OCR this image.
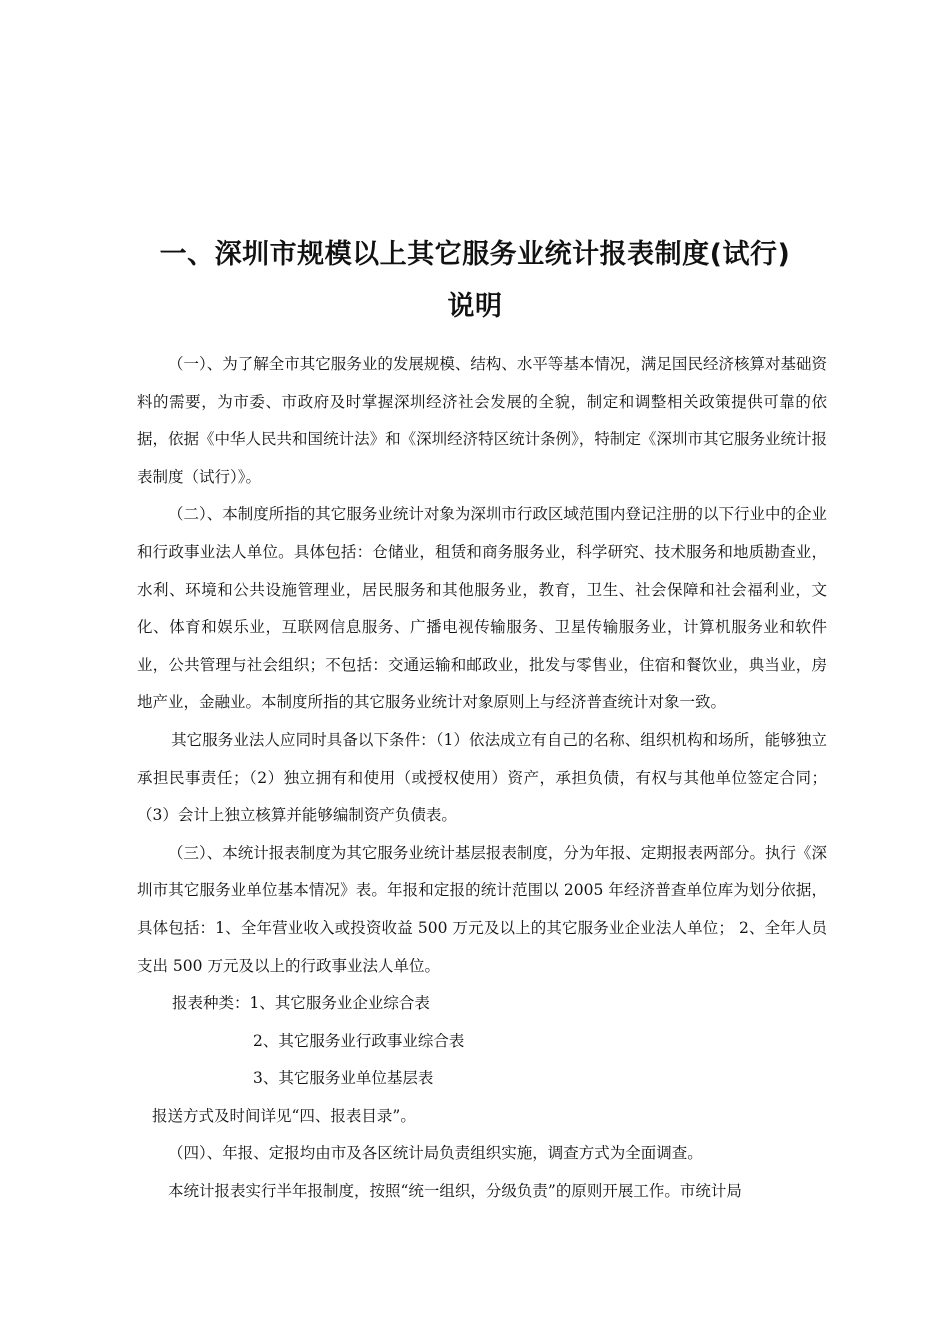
一、深圳市规模以上其它服务业统计报表制度(试行)
说明

（一）、为了解全市其它服务业的发展规模、结构、水平等基本情况，满足国民经济核算对基础资料的需要，为市委、市政府及时掌握深圳经济社会发展的全貌，制定和调整相关政策提供可靠的依据，依据《中华人民共和国统计法》和《深圳经济特区统计条例》，特制定《深圳市其它服务业统计报表制度（试行）》。

（二）、本制度所指的其它服务业统计对象为深圳市行政区域范围内登记注册的以下行业中的企业和行政事业法人单位。具体包括：仓储业，租赁和商务服务业，科学研究、技术服务和地质勘查业，水利、环境和公共设施管理业，居民服务和其他服务业，教育，卫生、社会保障和社会福利业，文化、体育和娱乐业，互联网信息服务、广播电视传输服务、卫星传输服务业，计算机服务业和软件业，公共管理与社会组织；不包括：交通运输和邮政业，批发与零售业，住宿和餐饮业，典当业，房地产业，金融业。本制度所指的其它服务业统计对象原则上与经济普查统计对象一致。

其它服务业法人应同时具备以下条件：（1）依法成立有自己的名称、组织机构和场所，能够独立承担民事责任；（2）独立拥有和使用（或授权使用）资产，承担负债，有权与其他单位签定合同；（3）会计上独立核算并能够编制资产负债表。

（三）、本统计报表制度为其它服务业统计基层报表制度，分为年报、定期报表两部分。执行《深圳市其它服务业单位基本情况》表。年报和定报的统计范围以 2005 年经济普查单位库为划分依据，具体包括：1、全年营业收入或投资收益 500 万元及以上的其它服务业企业法人单位； 2、全年人员支出 500 万元及以上的行政事业法人单位。

报表种类：1、其它服务业企业综合表

2、其它服务业行政事业综合表

3、其它服务业单位基层表

报送方式及时间详见“四、报表目录”。

（四）、年报、定报均由市及各区统计局负责组织实施，调查方式为全面调查。

本统计报表实行半年报制度，按照“统一组织，分级负责”的原则开展工作。市统计局
